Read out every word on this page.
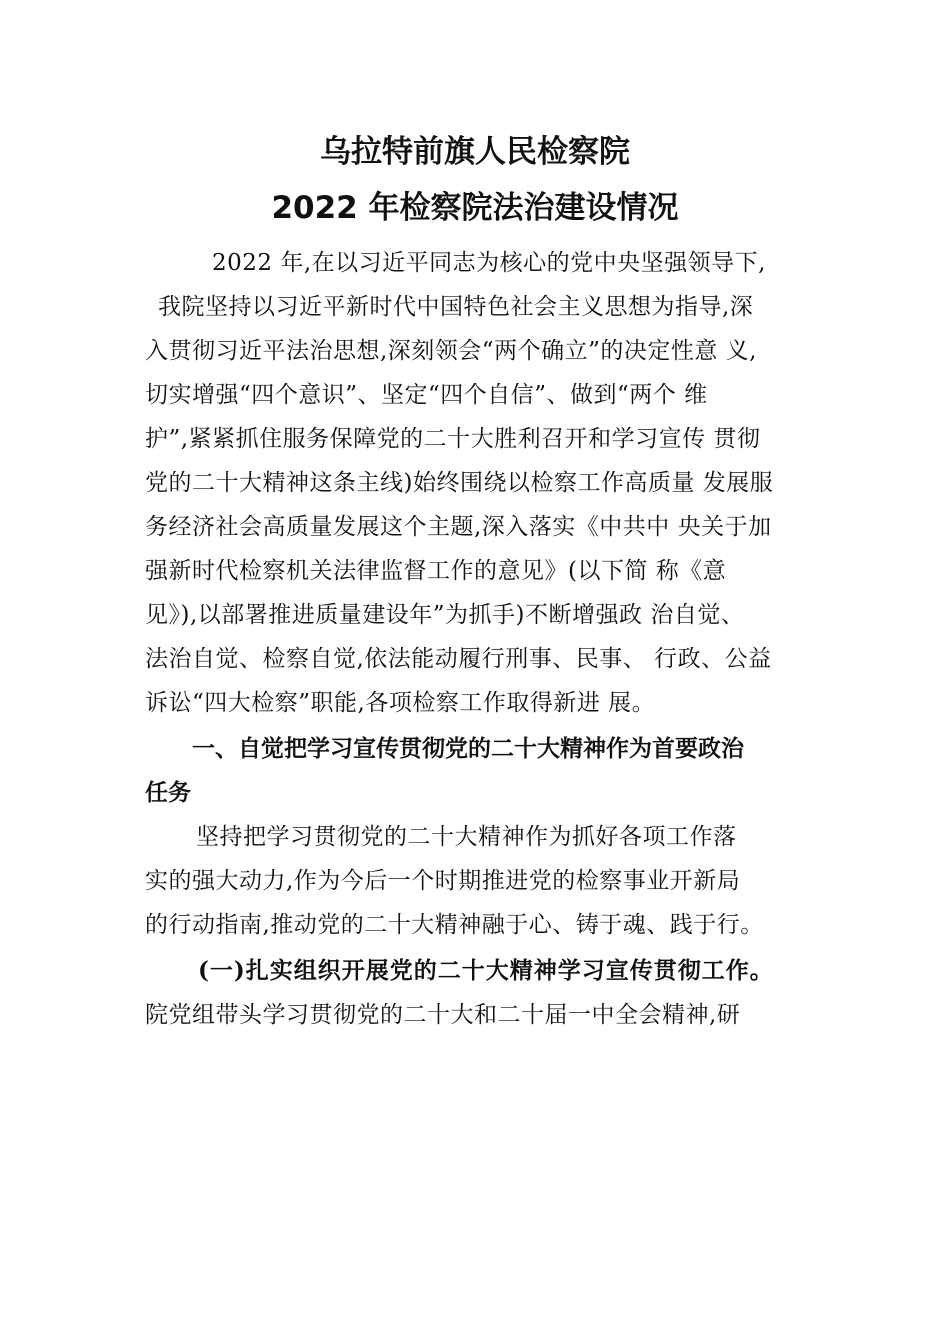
乌拉特前旗人民检察院
2022 年检察院法治建设情况
2022 年,在以习近平同志为核心的党中央坚强领导下,
我院坚持以习近平新时代中国特色社会主义思想为指导,深
入贯彻习近平法治思想,深刻领会“两个确立”的决定性意 义,
切实增强“四个意识”、坚定“四个自信”、做到“两个 维
护”,紧紧抓住服务保障党的二十大胜利召开和学习宣传 贯彻
党的二十大精神这条主线)始终围绕以检察工作高质量 发展服
务经济社会高质量发展这个主题,深入落实《中共中 央关于加
强新时代检察机关法律监督工作的意见》(以下简 称《意
见》),以部署推进质量建设年”为抓手)不断增强政 治自觉、
法治自觉、检察自觉,依法能动履行刑事、民事、 行政、公益
诉讼“四大检察”职能,各项检察工作取得新进 展。
一、自觉把学习宣传贯彻党的二十大精神作为首要政治
任务
坚持把学习贯彻党的二十大精神作为抓好各项工作落
实的强大动力,作为今后一个时期推进党的检察事业开新局
的行动指南,推动党的二十大精神融于心、铸于魂、践于行。
(一)扎实组织开展党的二十大精神学习宣传贯彻工作。
院党组带头学习贯彻党的二十大和二十届一中全会精神,研
